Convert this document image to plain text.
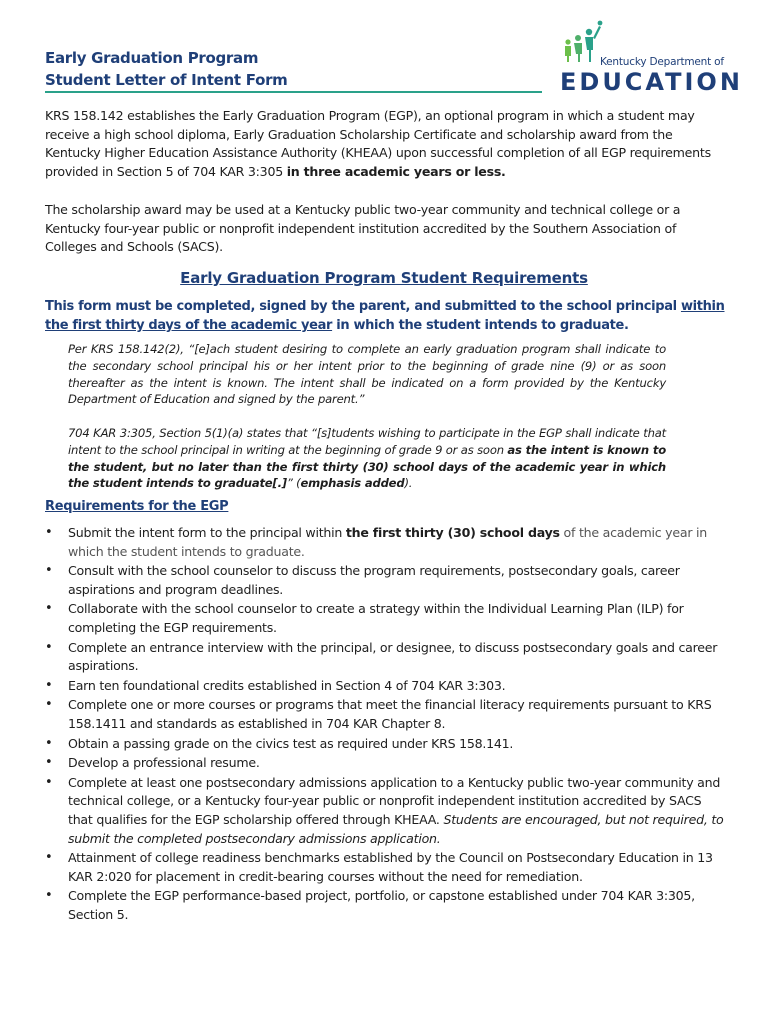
Early Graduation Program
Student Letter of Intent Form
Kentucky Department of
EDUCATION
KRS 158.142 establishes the Early Graduation Program (EGP), an optional program in which a student may receive a high school diploma, Early Graduation Scholarship Certificate and scholarship award from the Kentucky Higher Education Assistance Authority (KHEAA) upon successful completion of all EGP requirements provided in Section 5 of 704 KAR 3:305 in three academic years or less.
The scholarship award may be used at a Kentucky public two-year community and technical college or a Kentucky four-year public or nonprofit independent institution accredited by the Southern Association of Colleges and Schools (SACS).
Early Graduation Program Student Requirements
This form must be completed, signed by the parent, and submitted to the school principal within the first thirty days of the academic year in which the student intends to graduate.
Per KRS 158.142(2), “[e]ach student desiring to complete an early graduation program shall indicate to the secondary school principal his or her intent prior to the beginning of grade nine (9) or as soon thereafter as the intent is known. The intent shall be indicated on a form provided by the Kentucky Department of Education and signed by the parent.”
704 KAR 3:305, Section 5(1)(a) states that “[s]tudents wishing to participate in the EGP shall indicate that intent to the school principal in writing at the beginning of grade 9 or as soon as the intent is known to the student, but no later than the first thirty (30) school days of the academic year in which the student intends to graduate[.]” (emphasis added).
Requirements for the EGP
• Submit the intent form to the principal within the first thirty (30) school days of the academic year in which the student intends to graduate.
• Consult with the school counselor to discuss the program requirements, postsecondary goals, career aspirations and program deadlines.
• Collaborate with the school counselor to create a strategy within the Individual Learning Plan (ILP) for completing the EGP requirements.
• Complete an entrance interview with the principal, or designee, to discuss postsecondary goals and career aspirations.
• Earn ten foundational credits established in Section 4 of 704 KAR 3:303.
• Complete one or more courses or programs that meet the financial literacy requirements pursuant to KRS 158.1411 and standards as established in 704 KAR Chapter 8.
• Obtain a passing grade on the civics test as required under KRS 158.141.
• Develop a professional resume.
• Complete at least one postsecondary admissions application to a Kentucky public two-year community and technical college, or a Kentucky four-year public or nonprofit independent institution accredited by SACS that qualifies for the EGP scholarship offered through KHEAA. Students are encouraged, but not required, to submit the completed postsecondary admissions application.
• Attainment of college readiness benchmarks established by the Council on Postsecondary Education in 13 KAR 2:020 for placement in credit-bearing courses without the need for remediation.
• Complete the EGP performance-based project, portfolio, or capstone established under 704 KAR 3:305, Section 5.
